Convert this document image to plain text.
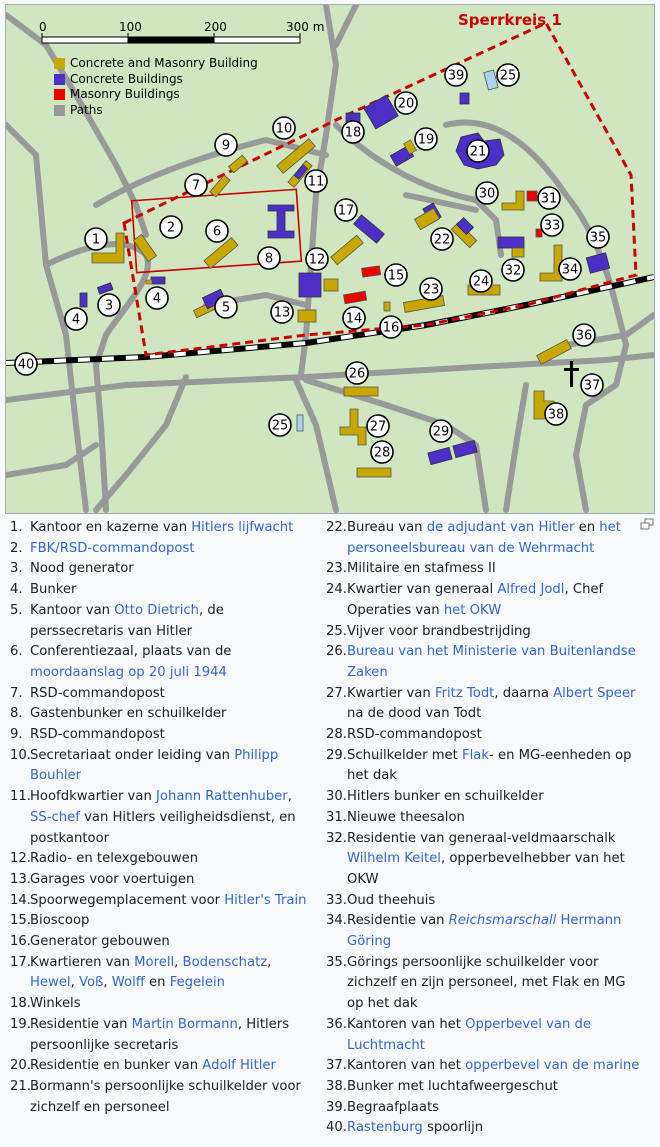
1
2
3
4
4
5
6
7
8
9
10
11
12
13	14
15
16
17
18	19
20
21
22
23
24
25
25
26
27
28
29
30	31
32
33
34
35
36
37
38
39
40
Sperrkreis 1
0	100	200	300 m
Concrete and Masonry Building
Concrete Buildings
Masonry Buildings
Paths
1. Kantoor en kazerne van Hitlers lijfwacht
2. FBK/RSD-commandopost
3. Nood generator
4. Bunker
5. Kantoor van Otto Dietrich, de perssecretaris van Hitler
6. Conferentiezaal, plaats van de moordaanslag op 20 juli 1944
7. RSD-commandopost
8. Gastenbunker en schuilkelder
9. RSD-commandopost
10. Secretariaat onder leiding van Philipp Bouhler
11. Hoofdkwartier van Johann Rattenhuber, SS-chef van Hitlers veiligheidsdienst, en postkantoor
12. Radio- en telexgebouwen
13. Garages voor voertuigen
14. Spoorwegemplacement voor Hitler's Train
15. Bioscoop
16. Generator gebouwen
17. Kwartieren van Morell, Bodenschatz, Hewel, Voß, Wolff en Fegelein
18. Winkels
19. Residentie van Martin Bormann, Hitlers persoonlijke secretaris
20. Residentie en bunker van Adolf Hitler
21. Bormann's persoonlijke schuilkelder voor zichzelf en personeel
22. Bureau van de adjudant van Hitler en het personeelsbureau van de Wehrmacht
23. Militaire en stafmess II
24. Kwartier van generaal Alfred Jodl, Chef Operaties van het OKW
25. Vijver voor brandbestrijding
26. Bureau van het Ministerie van Buitenlandse Zaken
27. Kwartier van Fritz Todt, daarna Albert Speer na de dood van Todt
28. RSD-commandopost
29. Schuilkelder met Flak- en MG-eenheden op het dak
30. Hitlers bunker en schuilkelder
31. Nieuwe theesalon
32. Residentie van generaal-veldmaarschalk Wilhelm Keitel, opperbevelhebber van het OKW
33. Oud theehuis
34. Residentie van Reichsmarschall Hermann Göring
35. Görings persoonlijke schuilkelder voor zichzelf en zijn personeel, met Flak en MG op het dak
36. Kantoren van het Opperbevel van de Luchtmacht
37. Kantoren van het opperbevel van de marine
38. Bunker met luchtafweergeschut
39. Begraafplaats
40. Rastenburg spoorlijn
